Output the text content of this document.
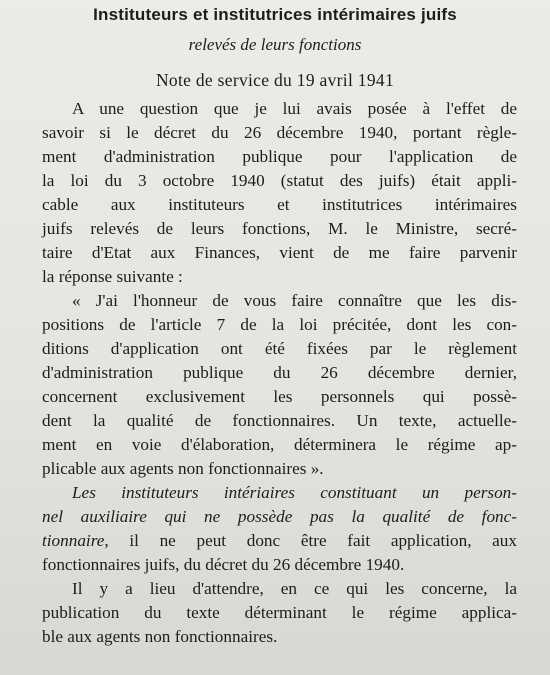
Instituteurs et institutrices intérimaires juifs

relevés de leurs fonctions

Note de service du 19 avril 1941

A une question que je lui avais posée à l'effet de

savoir si le décret du 26 décembre 1940, portant règle-

ment d'administration publique pour l'application de

la loi du 3 octobre 1940 (statut des juifs) était appli-

cable aux instituteurs et institutrices intérimaires

juifs relevés de leurs fonctions, M. le Ministre, secré-

taire d'Etat aux Finances, vient de me faire parvenir

la réponse suivante :

« J'ai l'honneur de vous faire connaître que les dis-

positions de l'article 7 de la loi précitée, dont les con-

ditions d'application ont été fixées par le règlement

d'administration publique du 26 décembre dernier,

concernent exclusivement les personnels qui possè-

dent la qualité de fonctionnaires. Un texte, actuelle-

ment en voie d'élaboration, déterminera le régime ap-

plicable aux agents non fonctionnaires ».

Les instituteurs intériaires constituant un person-

nel auxiliaire qui ne possède pas la qualité de fonc-

tionnaire, il ne peut donc être fait application, aux

fonctionnaires juifs, du décret du 26 décembre 1940.

Il y a lieu d'attendre, en ce qui les concerne, la

publication du texte déterminant le régime applica-

ble aux agents non fonctionnaires.
